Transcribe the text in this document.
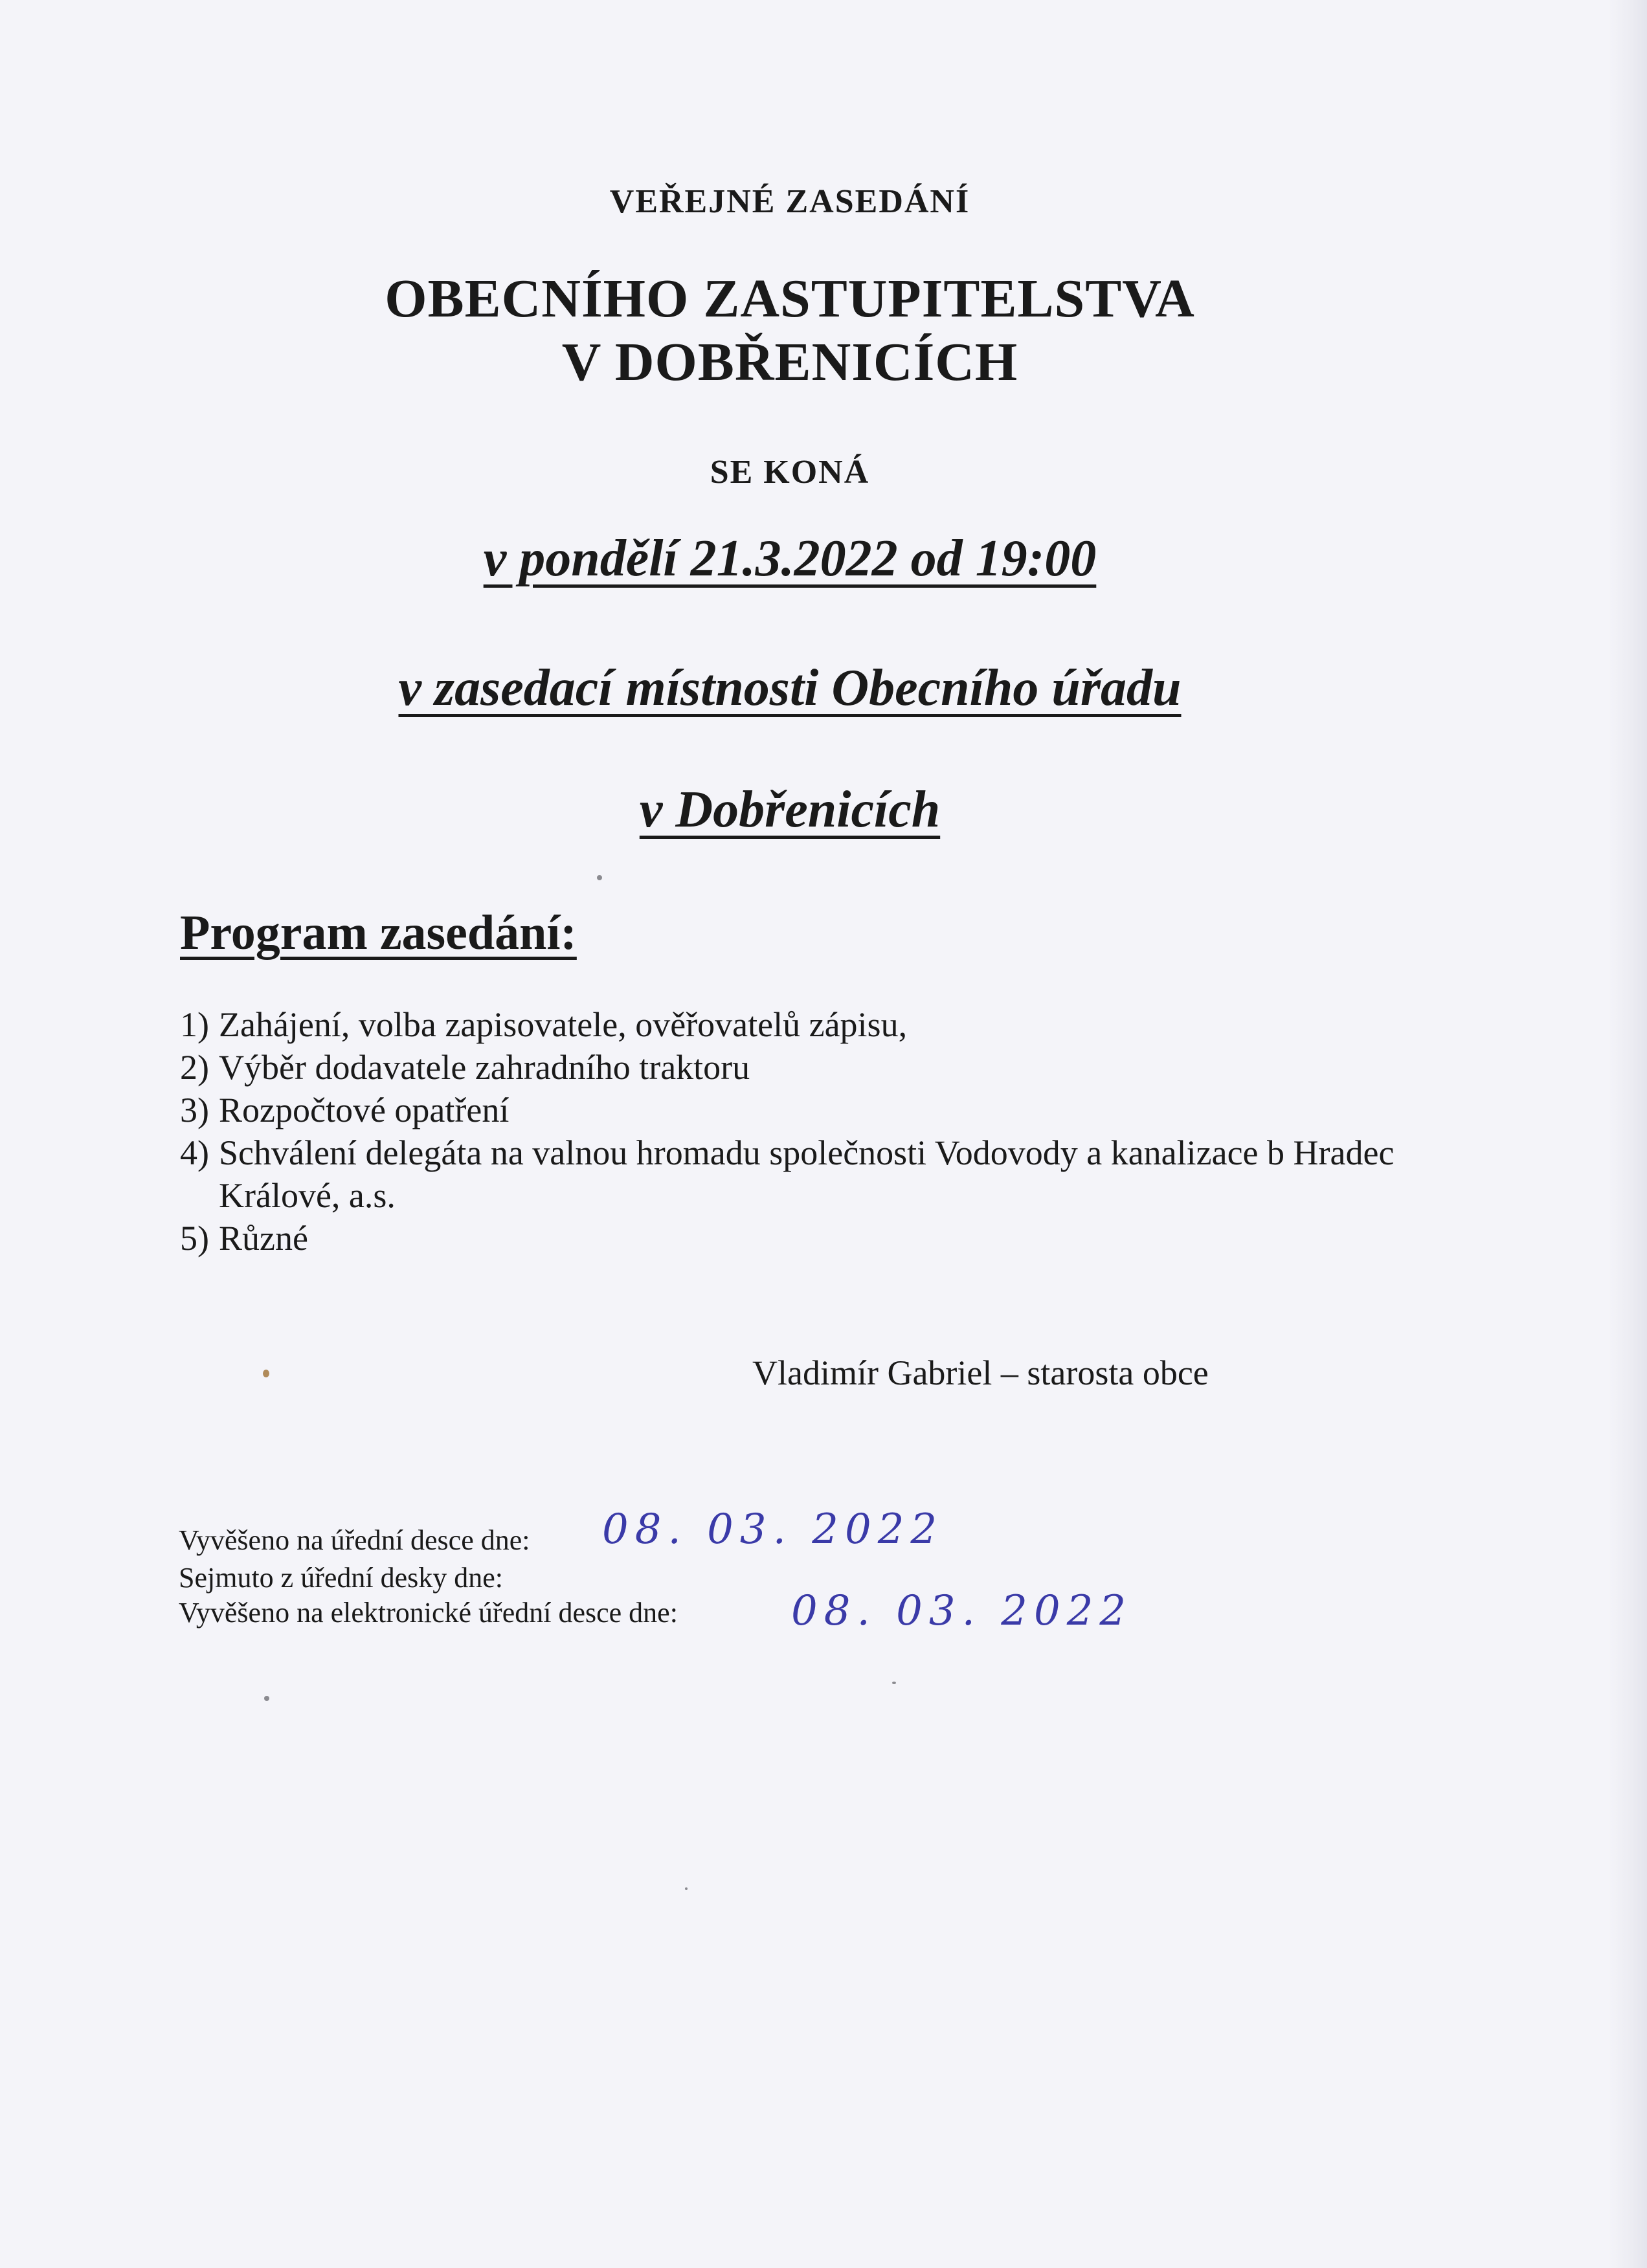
VEŘEJNÉ ZASEDÁNÍ
OBECNÍHO ZASTUPITELSTVA
V DOBŘENICÍCH
SE KONÁ
v pondělí 21.3.2022 od 19:00
v zasedací místnosti Obecního úřadu
v Dobřenicích
Program zasedání:
1) Zahájení, volba zapisovatele, ověřovatelů zápisu,
2) Výběr dodavatele zahradního traktoru
3) Rozpočtové opatření
4) Schválení delegáta na valnou hromadu společnosti Vodovody a kanalizace b Hradec Králové, a.s.
5) Různé
Vladimír Gabriel – starosta obce
Vyvěšeno na úřední desce dne: 08. 03. 2022
Sejmuto z úřední desky dne:
Vyvěšeno na elektronické úřední desce dne:	08. 03. 2022
